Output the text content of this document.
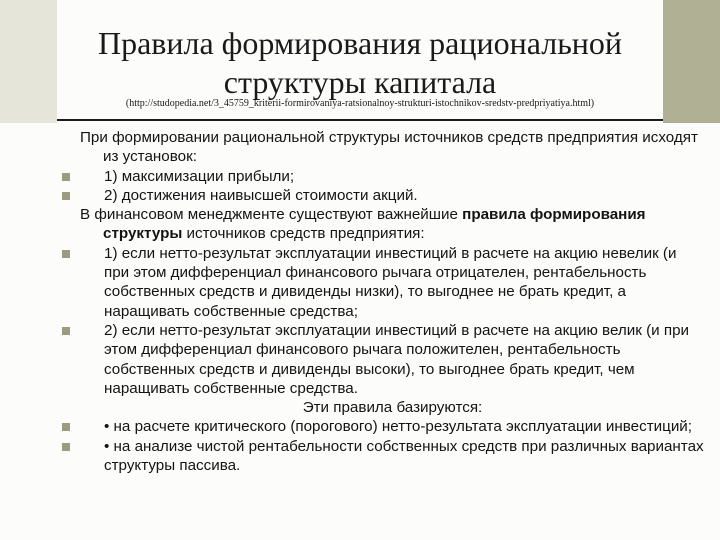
Правила формирования рациональной структуры капитала
(http://studopedia.net/3_45759_kriterii-formirovaniya-ratsionalnoy-strukturi-istochnikov-sredstv-predpriyatiya.html)

При формировании рациональной структуры источников средств предприятия исходят из установок:

1) максимизации прибыли;

2) достижения наивысшей стоимости акций.

В финансовом менеджменте существуют важнейшие правила формирования структуры источников средств предприятия:

1) если нетто-результат эксплуатации инвестиций в расчете на акцию невелик (и при этом дифференциал финансового рычага отрицателен, рентабельность собственных средств и дивиденды низки), то выгоднее не брать кредит, а наращивать собственные средства;

2) если нетто-результат эксплуатации инвестиций в расчете на акцию велик (и при этом дифференциал финансового рычага положителен, рентабельность собственных средств и дивиденды высоки), то выгоднее брать кредит, чем наращивать собственные средства.

Эти правила базируются:

• на расчете критического (порогового) нетто-результата эксплуатации инвестиций;

• на анализе чистой рентабельности собственных средств при различных вариантах структуры пассива.
